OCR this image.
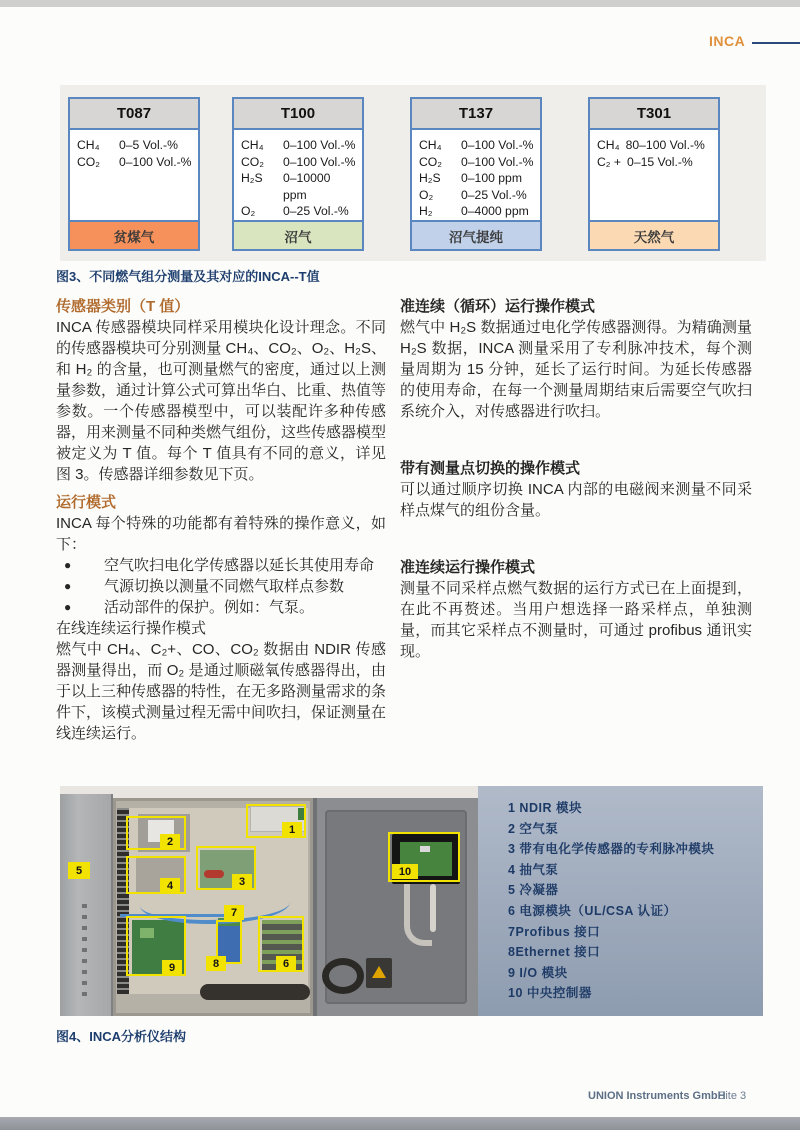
INCA
T087
CH₄	0–5 Vol.-%
CO₂	0–100 Vol.-%
贫煤气
T100
CH₄	0–100 Vol.-%
CO₂	0–100 Vol.-%
H₂S	0–10000 ppm
O₂	0–25 Vol.-%
沼气
T137
CH₄	0–100 Vol.-%
CO₂	0–100 Vol.-%
H₂S	0–100 ppm
O₂	0–25 Vol.-%
H₂	0–4000 ppm
沼气提纯
T301
CH₄ 80–100 Vol.-%
C₂ + 0–15 Vol.-%
天然气
图3、不同燃气组分测量及其对应的INCA--T值
传感器类别（T 值）

INCA 传感器模块同样采用模块化设计理念。不同的传感器模块可分别测量 CH₄、CO₂、O₂、H₂S、和 H₂ 的含量，也可测量燃气的密度，通过以上测量参数，通过计算公式可算出华白、比重、热值等参数。一个传感器模型中，可以装配许多种传感器，用来测量不同种类燃气组份，这些传感器模型被定义为 T 值。每个 T 值具有不同的意义，详见图 3。传感器详细参数见下页。

运行模式

INCA 每个特殊的功能都有着特殊的操作意义，如下：

● 空气吹扫电化学传感器以延长其使用寿命
● 气源切换以测量不同燃气取样点参数
● 活动部件的保护。例如：气泵。
在线连续运行操作模式

燃气中 CH₄、C₂+、CO、CO₂ 数据由 NDIR 传感器测量得出，而 O₂ 是通过顺磁氧传感器得出，由于以上三种传感器的特性，在无多路测量需求的条件下，该模式测量过程无需中间吹扫，保证测量在线连续运行。

准连续（循环）运行操作模式

燃气中 H₂S 数据通过电化学传感器测得。为精确测量 H₂S 数据，INCA 测量采用了专利脉冲技术，每个测量周期为 15 分钟，延长了运行时间。为延长传感器的使用寿命，在每一个测量周期结束后需要空气吹扫系统介入，对传感器进行吹扫。

带有测量点切换的操作模式

可以通过顺序切换 INCA 内部的电磁阀来测量不同采样点煤气的组份含量。

准连续运行操作模式

测量不同采样点燃气数据的运行方式已在上面提到，在此不再赘述。当用户想选择一路采样点，单独测量，而其它采样点不测量时，可通过 profibus 通讯实现。

1
2
3
4
5
6
7
8
9
10
1 NDIR 模块
2 空气泵
3 带有电化学传感器的专利脉冲模块
4 抽气泵
5 冷凝器
6 电源模块（UL/CSA 认证）
7Profibus 接口
8Ethernet 接口
9 I/O 模块
10 中央控制器
图4、INCA分析仪结构
UNION Instruments GmbH
Site 3
